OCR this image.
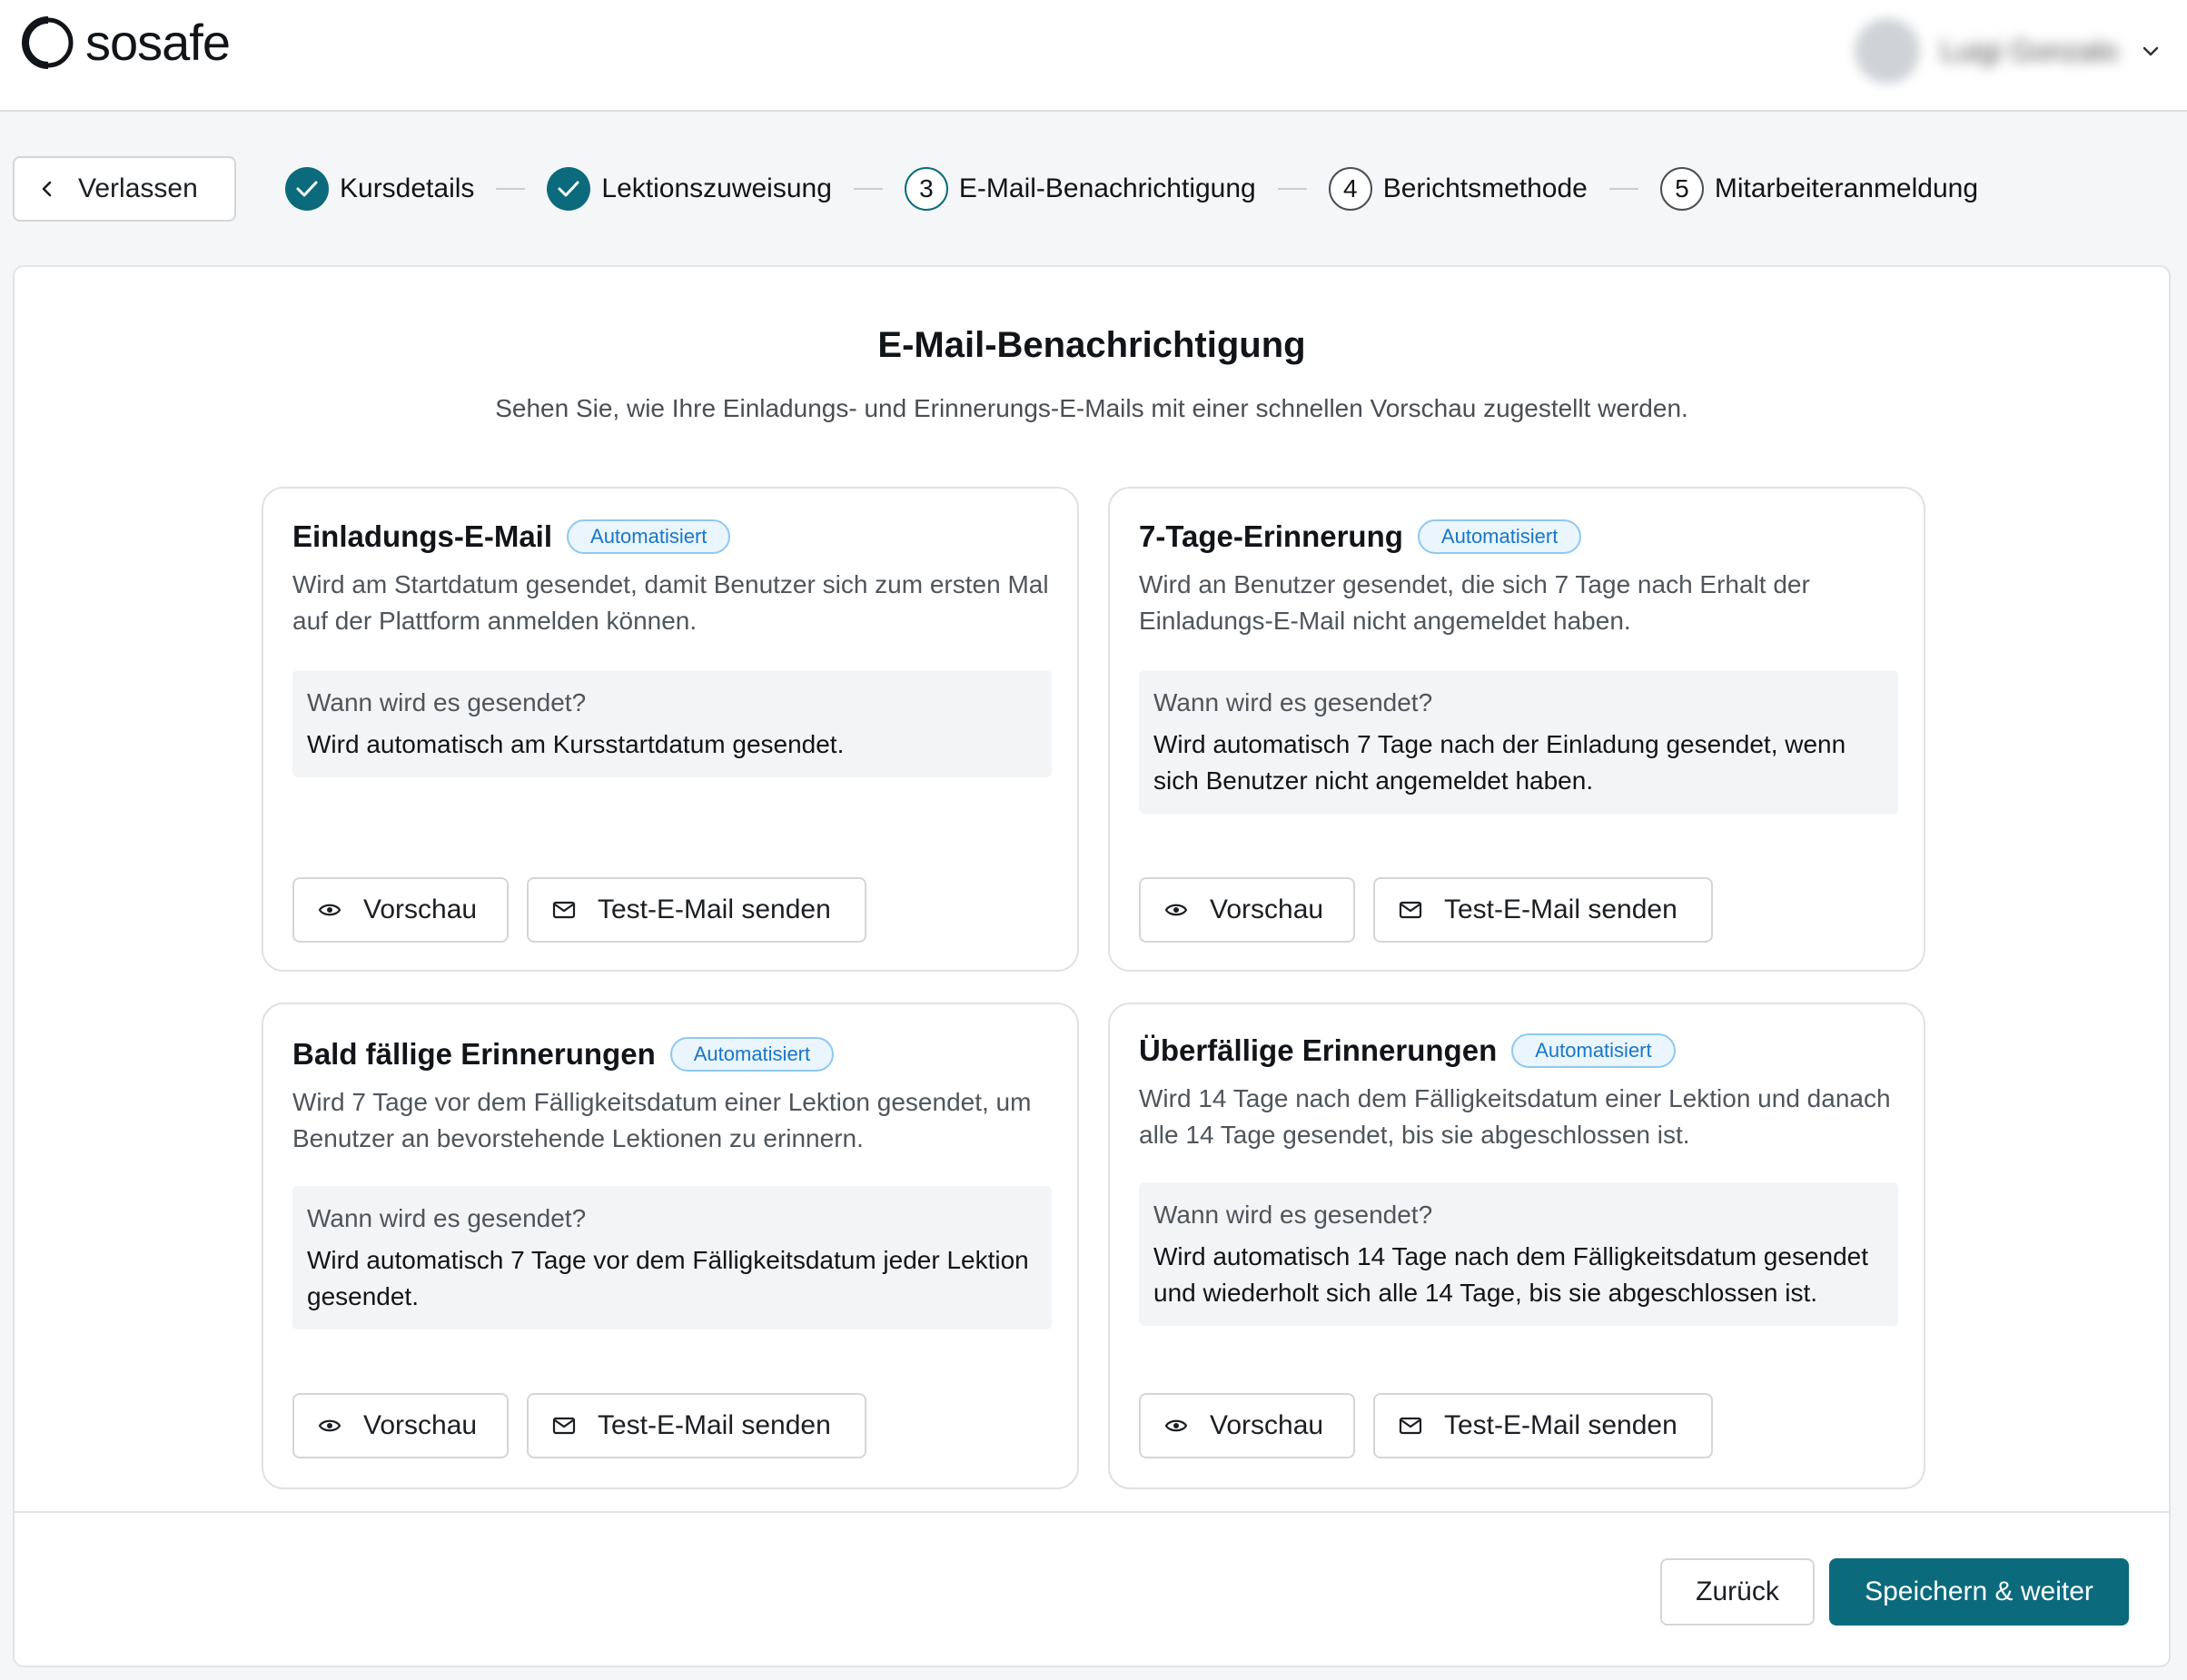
sosafe	Luigi Gonzalo
Verlassen	Kursdetails	Lektionszuweisung	3 E-Mail-Benachrichtigung	4 Berichtsmethode	5 Mitarbeiteranmeldung
E-Mail-Benachrichtigung
Sehen Sie, wie Ihre Einladungs- und Erinnerungs-E-Mails mit einer schnellen Vorschau zugestellt werden.
Einladungs-E-Mail	Automatisiert
Wird am Startdatum gesendet, damit Benutzer sich zum ersten Mal auf der Plattform anmelden können.
Wann wird es gesendet?
Wird automatisch am Kursstartdatum gesendet.
Vorschau	Test-E-Mail senden
7-Tage-Erinnerung	Automatisiert
Wird an Benutzer gesendet, die sich 7 Tage nach Erhalt der Einladungs-E-Mail nicht angemeldet haben.
Wann wird es gesendet?
Wird automatisch 7 Tage nach der Einladung gesendet, wenn sich Benutzer nicht angemeldet haben.
Vorschau	Test-E-Mail senden
Bald fällige Erinnerungen	Automatisiert
Wird 7 Tage vor dem Fälligkeitsdatum einer Lektion gesendet, um Benutzer an bevorstehende Lektionen zu erinnern.
Wann wird es gesendet?
Wird automatisch 7 Tage vor dem Fälligkeitsdatum jeder Lektion gesendet.
Vorschau	Test-E-Mail senden
Überfällige Erinnerungen	Automatisiert
Wird 14 Tage nach dem Fälligkeitsdatum einer Lektion und danach alle 14 Tage gesendet, bis sie abgeschlossen ist.
Wann wird es gesendet?
Wird automatisch 14 Tage nach dem Fälligkeitsdatum gesendet und wiederholt sich alle 14 Tage, bis sie abgeschlossen ist.
Vorschau	Test-E-Mail senden
Zurück	Speichern & weiter
